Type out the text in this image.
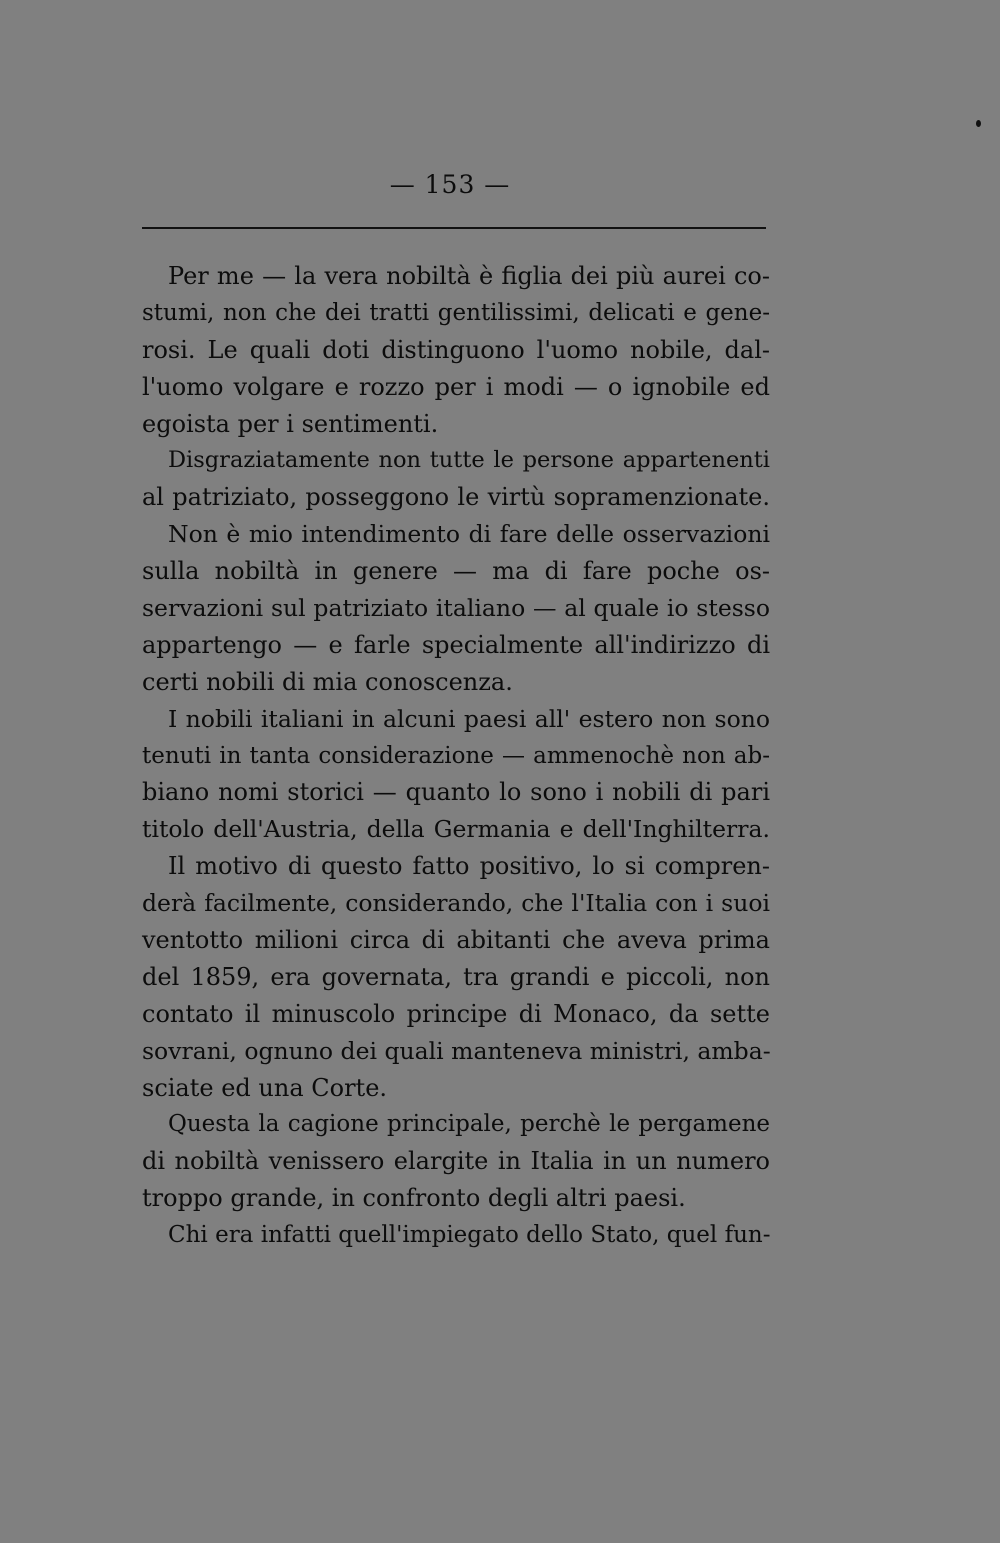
— 153 —
Per me — la vera nobiltà è figlia dei più aurei co-
stumi, non che dei tratti gentilissimi, delicati e gene-
rosi. Le quali doti distinguono l'uomo nobile, dal-
l'uomo volgare e rozzo per i modi — o ignobile ed
egoista per i sentimenti.
Disgraziatamente non tutte le persone appartenenti
al patriziato, posseggono le virtù sopramenzionate.
Non è mio intendimento di fare delle osservazioni
sulla nobiltà in genere — ma di fare poche os-
servazioni sul patriziato italiano — al quale io stesso
appartengo — e farle specialmente all'indirizzo di
certi nobili di mia conoscenza.
I nobili italiani in alcuni paesi all' estero non sono
tenuti in tanta considerazione — ammenochè non ab-
biano nomi storici — quanto lo sono i nobili di pari
titolo dell'Austria, della Germania e dell'Inghilterra.
Il motivo di questo fatto positivo, lo si compren-
derà facilmente, considerando, che l'Italia con i suoi
ventotto milioni circa di abitanti che aveva prima
del 1859, era governata, tra grandi e piccoli, non
contato il minuscolo principe di Monaco, da sette
sovrani, ognuno dei quali manteneva ministri, amba-
sciate ed una Corte.
Questa la cagione principale, perchè le pergamene
di nobiltà venissero elargite in Italia in un numero
troppo grande, in confronto degli altri paesi.
Chi era infatti quell'impiegato dello Stato, quel fun-
